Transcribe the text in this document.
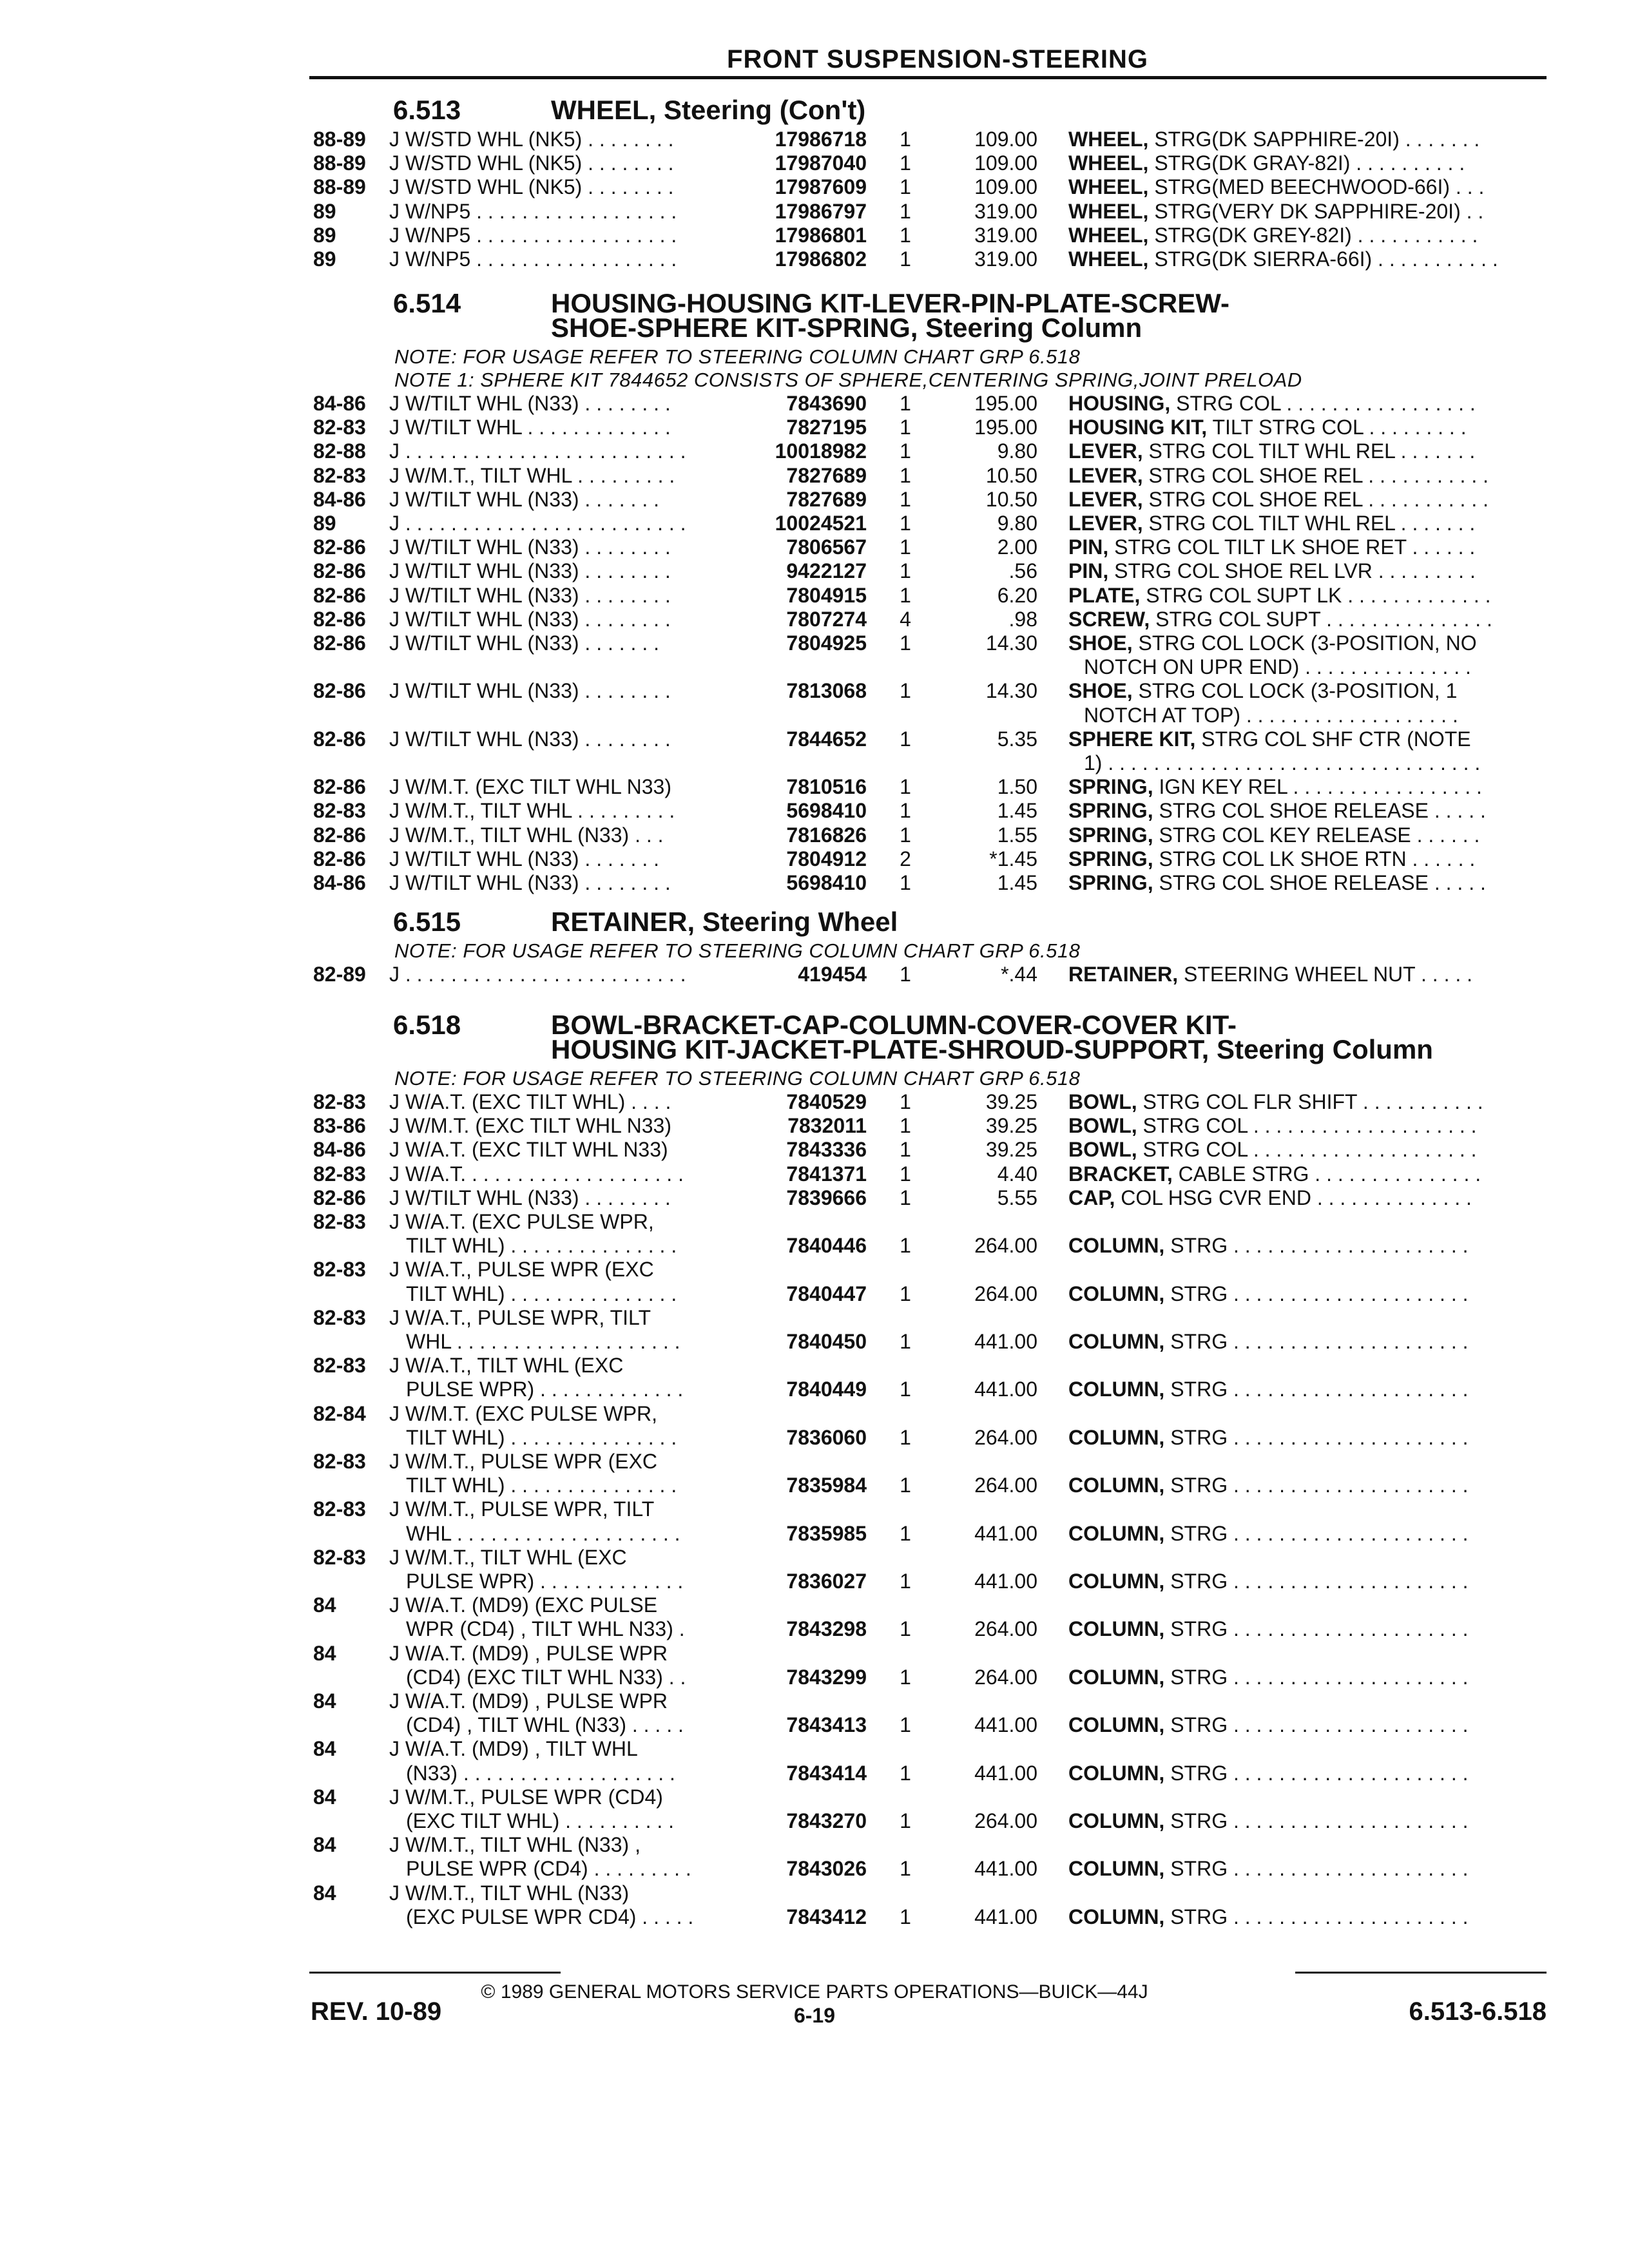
FRONT SUSPENSION-STEERING
6.513	WHEEL, Steering (Con't)
88-89 J W/STD WHL (NK5) . . . . . . . .	17986718	1	109.00 WHEEL, STRG(DK SAPPHIRE-20I) . . . . . . .
88-89 J W/STD WHL (NK5) . . . . . . . .	17987040	1	109.00 WHEEL, STRG(DK GRAY-82I) . . . . . . . . . .
88-89 J W/STD WHL (NK5) . . . . . . . .	17987609	1	109.00 WHEEL, STRG(MED BEECHWOOD-66I) . . .
89	J W/NP5 . . . . . . . . . . . . . . . . . .	17986797	1	319.00 WHEEL, STRG(VERY DK SAPPHIRE-20I) . .
89	J W/NP5 . . . . . . . . . . . . . . . . . .	17986801	1	319.00 WHEEL, STRG(DK GREY-82I) . . . . . . . . . . .
89	J W/NP5 . . . . . . . . . . . . . . . . . .	17986802	1	319.00 WHEEL, STRG(DK SIERRA-66I) . . . . . . . . . . .
6.514	HOUSING-HOUSING KIT-LEVER-PIN-PLATE-SCREW-
SHOE-SPHERE KIT-SPRING, Steering Column
NOTE: FOR USAGE REFER TO STEERING COLUMN CHART GRP 6.518
NOTE 1: SPHERE KIT 7844652 CONSISTS OF SPHERE,CENTERING SPRING,JOINT PRELOAD
84-86 J W/TILT WHL (N33) . . . . . . . .	7843690	1	195.00 HOUSING, STRG COL . . . . . . . . . . . . . . . . .
82-83 J W/TILT WHL . . . . . . . . . . . . .	7827195	1	195.00 HOUSING KIT, TILT STRG COL . . . . . . . . .
82-88 J . . . . . . . . . . . . . . . . . . . . . . . . .	10018982	1	9.80 LEVER, STRG COL TILT WHL REL . . . . . . .
82-83 J W/M.T., TILT WHL . . . . . . . . .	7827689	1	10.50 LEVER, STRG COL SHOE REL . . . . . . . . . . .
84-86 J W/TILT WHL (N33) . . . . . . .	7827689	1	10.50 LEVER, STRG COL SHOE REL . . . . . . . . . . .
89	J . . . . . . . . . . . . . . . . . . . . . . . . .	10024521	1	9.80 LEVER, STRG COL TILT WHL REL . . . . . . .
82-86 J W/TILT WHL (N33) . . . . . . . .	7806567	1	2.00 PIN, STRG COL TILT LK SHOE RET . . . . . .
82-86 J W/TILT WHL (N33) . . . . . . . .	9422127	1	.56 PIN, STRG COL SHOE REL LVR . . . . . . . . .
82-86 J W/TILT WHL (N33) . . . . . . . .	7804915	1	6.20 PLATE, STRG COL SUPT LK . . . . . . . . . . . . .
82-86 J W/TILT WHL (N33) . . . . . . . .	7807274	4	.98 SCREW, STRG COL SUPT . . . . . . . . . . . . . . .
82-86 J W/TILT WHL (N33) . . . . . . .	7804925	1	14.30 SHOE, STRG COL LOCK (3-POSITION, NO
NOTCH ON UPR END) . . . . . . . . . . . . . . .
82-86 J W/TILT WHL (N33) . . . . . . . .	7813068	1	14.30 SHOE, STRG COL LOCK (3-POSITION, 1
NOTCH AT TOP) . . . . . . . . . . . . . . . . . . .
82-86 J W/TILT WHL (N33) . . . . . . . .	7844652	1	5.35 SPHERE KIT, STRG COL SHF CTR (NOTE
1) . . . . . . . . . . . . . . . . . . . . . . . . . . . . . . . . .
82-86 J W/M.T. (EXC TILT WHL N33)	7810516	1	1.50 SPRING, IGN KEY REL . . . . . . . . . . . . . . . . .
82-83 J W/M.T., TILT WHL . . . . . . . . .	5698410	1	1.45 SPRING, STRG COL SHOE RELEASE . . . . .
82-86 J W/M.T., TILT WHL (N33) . . .	7816826	1	1.55 SPRING, STRG COL KEY RELEASE . . . . . .
82-86 J W/TILT WHL (N33) . . . . . . .	7804912	2	*1.45 SPRING, STRG COL LK SHOE RTN . . . . . .
84-86 J W/TILT WHL (N33) . . . . . . . .	5698410	1	1.45 SPRING, STRG COL SHOE RELEASE . . . . .
6.515	RETAINER, Steering Wheel
NOTE: FOR USAGE REFER TO STEERING COLUMN CHART GRP 6.518
82-89 J . . . . . . . . . . . . . . . . . . . . . . . . .	419454	1	*.44 RETAINER, STEERING WHEEL NUT . . . . .
6.518	BOWL-BRACKET-CAP-COLUMN-COVER-COVER KIT-
HOUSING KIT-JACKET-PLATE-SHROUD-SUPPORT, Steering Column
NOTE: FOR USAGE REFER TO STEERING COLUMN CHART GRP 6.518
82-83 J W/A.T. (EXC TILT WHL) . . . .	7840529	1	39.25 BOWL, STRG COL FLR SHIFT . . . . . . . . . . .
83-86 J W/M.T. (EXC TILT WHL N33)	7832011	1	39.25 BOWL, STRG COL . . . . . . . . . . . . . . . . . . . .
84-86 J W/A.T. (EXC TILT WHL N33)	7843336	1	39.25 BOWL, STRG COL . . . . . . . . . . . . . . . . . . . .
82-83 J W/A.T. . . . . . . . . . . . . . . . . . . .	7841371	1	4.40 BRACKET, CABLE STRG . . . . . . . . . . . . . . .
82-86 J W/TILT WHL (N33) . . . . . . . .	7839666	1	5.55 CAP, COL HSG CVR END . . . . . . . . . . . . . .
82-83 J W/A.T. (EXC PULSE WPR,
TILT WHL) . . . . . . . . . . . . . . .	7840446	1	264.00 COLUMN, STRG . . . . . . . . . . . . . . . . . . . . .
82-83 J W/A.T., PULSE WPR (EXC
TILT WHL) . . . . . . . . . . . . . . .	7840447	1	264.00 COLUMN, STRG . . . . . . . . . . . . . . . . . . . . .
82-83 J W/A.T., PULSE WPR, TILT
WHL . . . . . . . . . . . . . . . . . . . .	7840450	1	441.00 COLUMN, STRG . . . . . . . . . . . . . . . . . . . . .
82-83 J W/A.T., TILT WHL (EXC
PULSE WPR) . . . . . . . . . . . . .	7840449	1	441.00 COLUMN, STRG . . . . . . . . . . . . . . . . . . . . .
82-84 J W/M.T. (EXC PULSE WPR,
TILT WHL) . . . . . . . . . . . . . . .	7836060	1	264.00 COLUMN, STRG . . . . . . . . . . . . . . . . . . . . .
82-83 J W/M.T., PULSE WPR (EXC
TILT WHL) . . . . . . . . . . . . . . .	7835984	1	264.00 COLUMN, STRG . . . . . . . . . . . . . . . . . . . . .
82-83 J W/M.T., PULSE WPR, TILT
WHL . . . . . . . . . . . . . . . . . . . .	7835985	1	441.00 COLUMN, STRG . . . . . . . . . . . . . . . . . . . . .
82-83 J W/M.T., TILT WHL (EXC
PULSE WPR) . . . . . . . . . . . . .	7836027	1	441.00 COLUMN, STRG . . . . . . . . . . . . . . . . . . . . .
84	J W/A.T. (MD9) (EXC PULSE
WPR (CD4) , TILT WHL N33) .	7843298	1	264.00 COLUMN, STRG . . . . . . . . . . . . . . . . . . . . .
84	J W/A.T. (MD9) , PULSE WPR
(CD4) (EXC TILT WHL N33) . .	7843299	1	264.00 COLUMN, STRG . . . . . . . . . . . . . . . . . . . . .
84	J W/A.T. (MD9) , PULSE WPR
(CD4) , TILT WHL (N33) . . . . .	7843413	1	441.00 COLUMN, STRG . . . . . . . . . . . . . . . . . . . . .
84	J W/A.T. (MD9) , TILT WHL
(N33) . . . . . . . . . . . . . . . . . . .	7843414	1	441.00 COLUMN, STRG . . . . . . . . . . . . . . . . . . . . .
84	J W/M.T., PULSE WPR (CD4)
(EXC TILT WHL) . . . . . . . . . .	7843270	1	264.00 COLUMN, STRG . . . . . . . . . . . . . . . . . . . . .
84	J W/M.T., TILT WHL (N33) ,
PULSE WPR (CD4) . . . . . . . . .	7843026	1	441.00 COLUMN, STRG . . . . . . . . . . . . . . . . . . . . .
84	J W/M.T., TILT WHL (N33)
(EXC PULSE WPR CD4) . . . . .	7843412	1	441.00 COLUMN, STRG . . . . . . . . . . . . . . . . . . . . .
© 1989 GENERAL MOTORS SERVICE PARTS OPERATIONS—BUICK—44J
REV. 10-89	6-19	6.513-6.518
